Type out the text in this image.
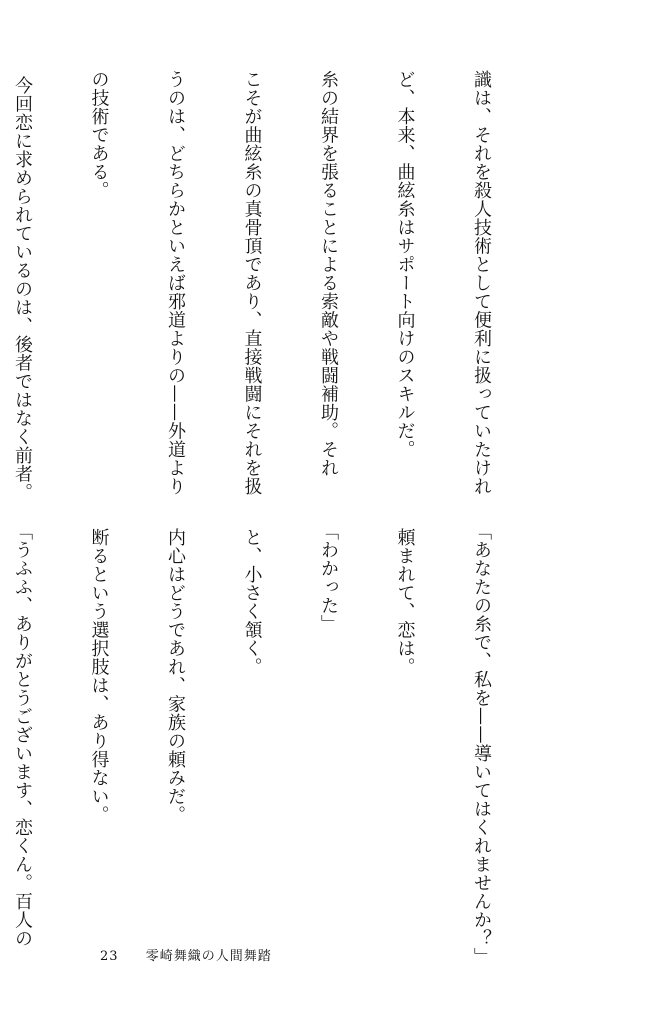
識は、それを殺人技術として便利に扱っていたけれ

ど、本来、曲絃糸はサポート向けのスキルだ。

糸の結界を張ることによる索敵や戦闘補助。それ

こそが曲絃糸の真骨頂であり、直接戦闘にそれを扱

うのは、どちらかといえば邪道よりの——外道より

の技術である。

今回恋に求められているのは、後者ではなく前者。

「あなたの糸で、私を——導いてはくれませんか？」

頼まれて、恋は。

「わかった」

と、小さく頷く。

内心はどうであれ、家族の頼みだ。

断るという選択肢は、あり得ない。

「うふふ、ありがとうございます、恋くん。百人の

23 零崎舞織の人間舞踏
